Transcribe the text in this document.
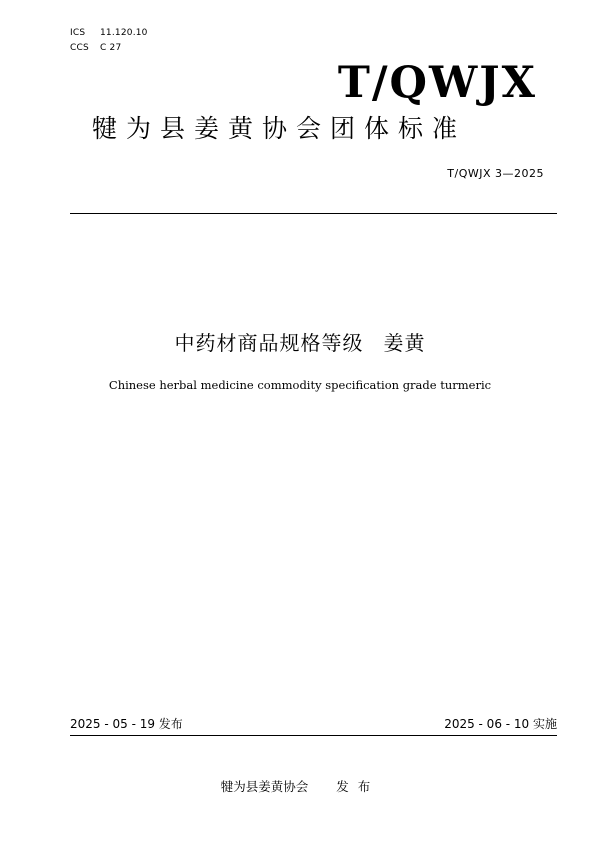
ICS 11.120.10
CCS C 27
T/QWJX
犍为县姜黄协会团体标准
T/QWJX 3—2025
中药材商品规格等级 姜黄
Chinese herbal medicine commodity specification grade turmeric
2025 - 05 - 19 发布	2025 - 06 - 10 实施
犍为县姜黄协会 发布
